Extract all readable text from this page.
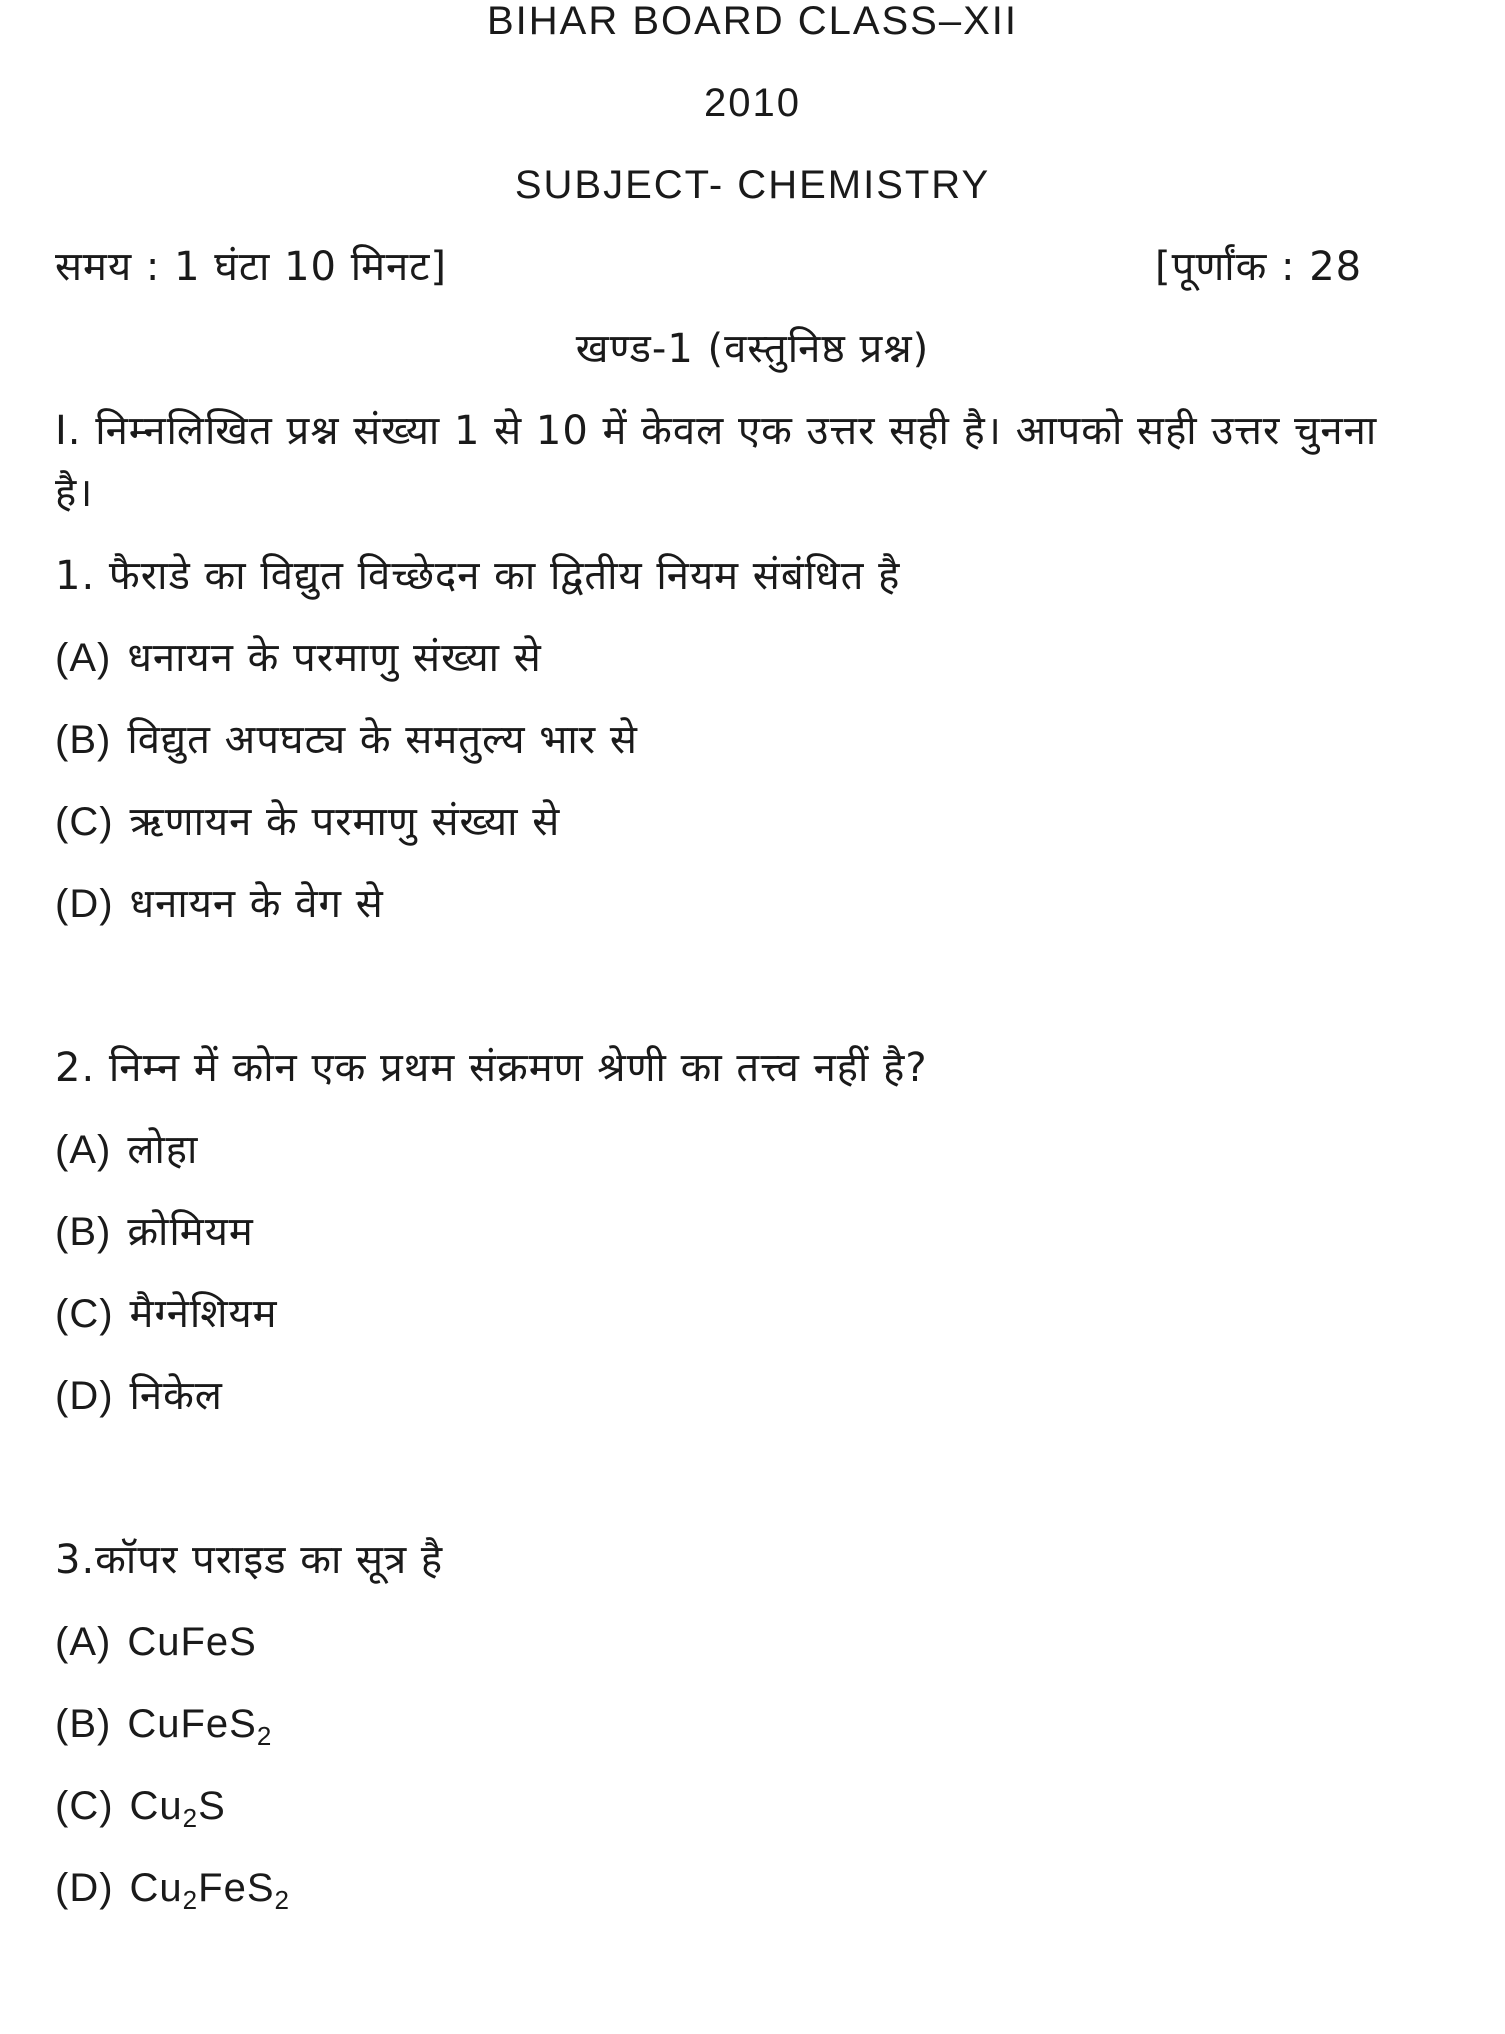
BIHAR BOARD CLASS–XII
2010
SUBJECT- CHEMISTRY
समय : 1 घंटा 10 मिनट]	[पूर्णांक : 28
खण्ड-1 (वस्तुनिष्ठ प्रश्न)
I. निम्नलिखित प्रश्न संख्या 1 से 10 में केवल एक उत्तर सही है। आपको सही उत्तर चुनना है।
1. फैराडे का विद्युत विच्छेदन का द्वितीय नियम संबंधित है
(A) धनायन के परमाणु संख्या से
(B) विद्युत अपघट्य के समतुल्य भार से
(C) ऋणायन के परमाणु संख्या से
(D) धनायन के वेग से
2. निम्न में कोन एक प्रथम संक्रमण श्रेणी का तत्त्व नहीं है?
(A) लोहा
(B) क्रोमियम
(C) मैग्नेशियम
(D) निकेल
3.कॉपर पराइड का सूत्र है
(A) CuFeS
(B) CuFeS$_2$
(C) $Cu_2S$
(D) $Cu_2FeS_2$
